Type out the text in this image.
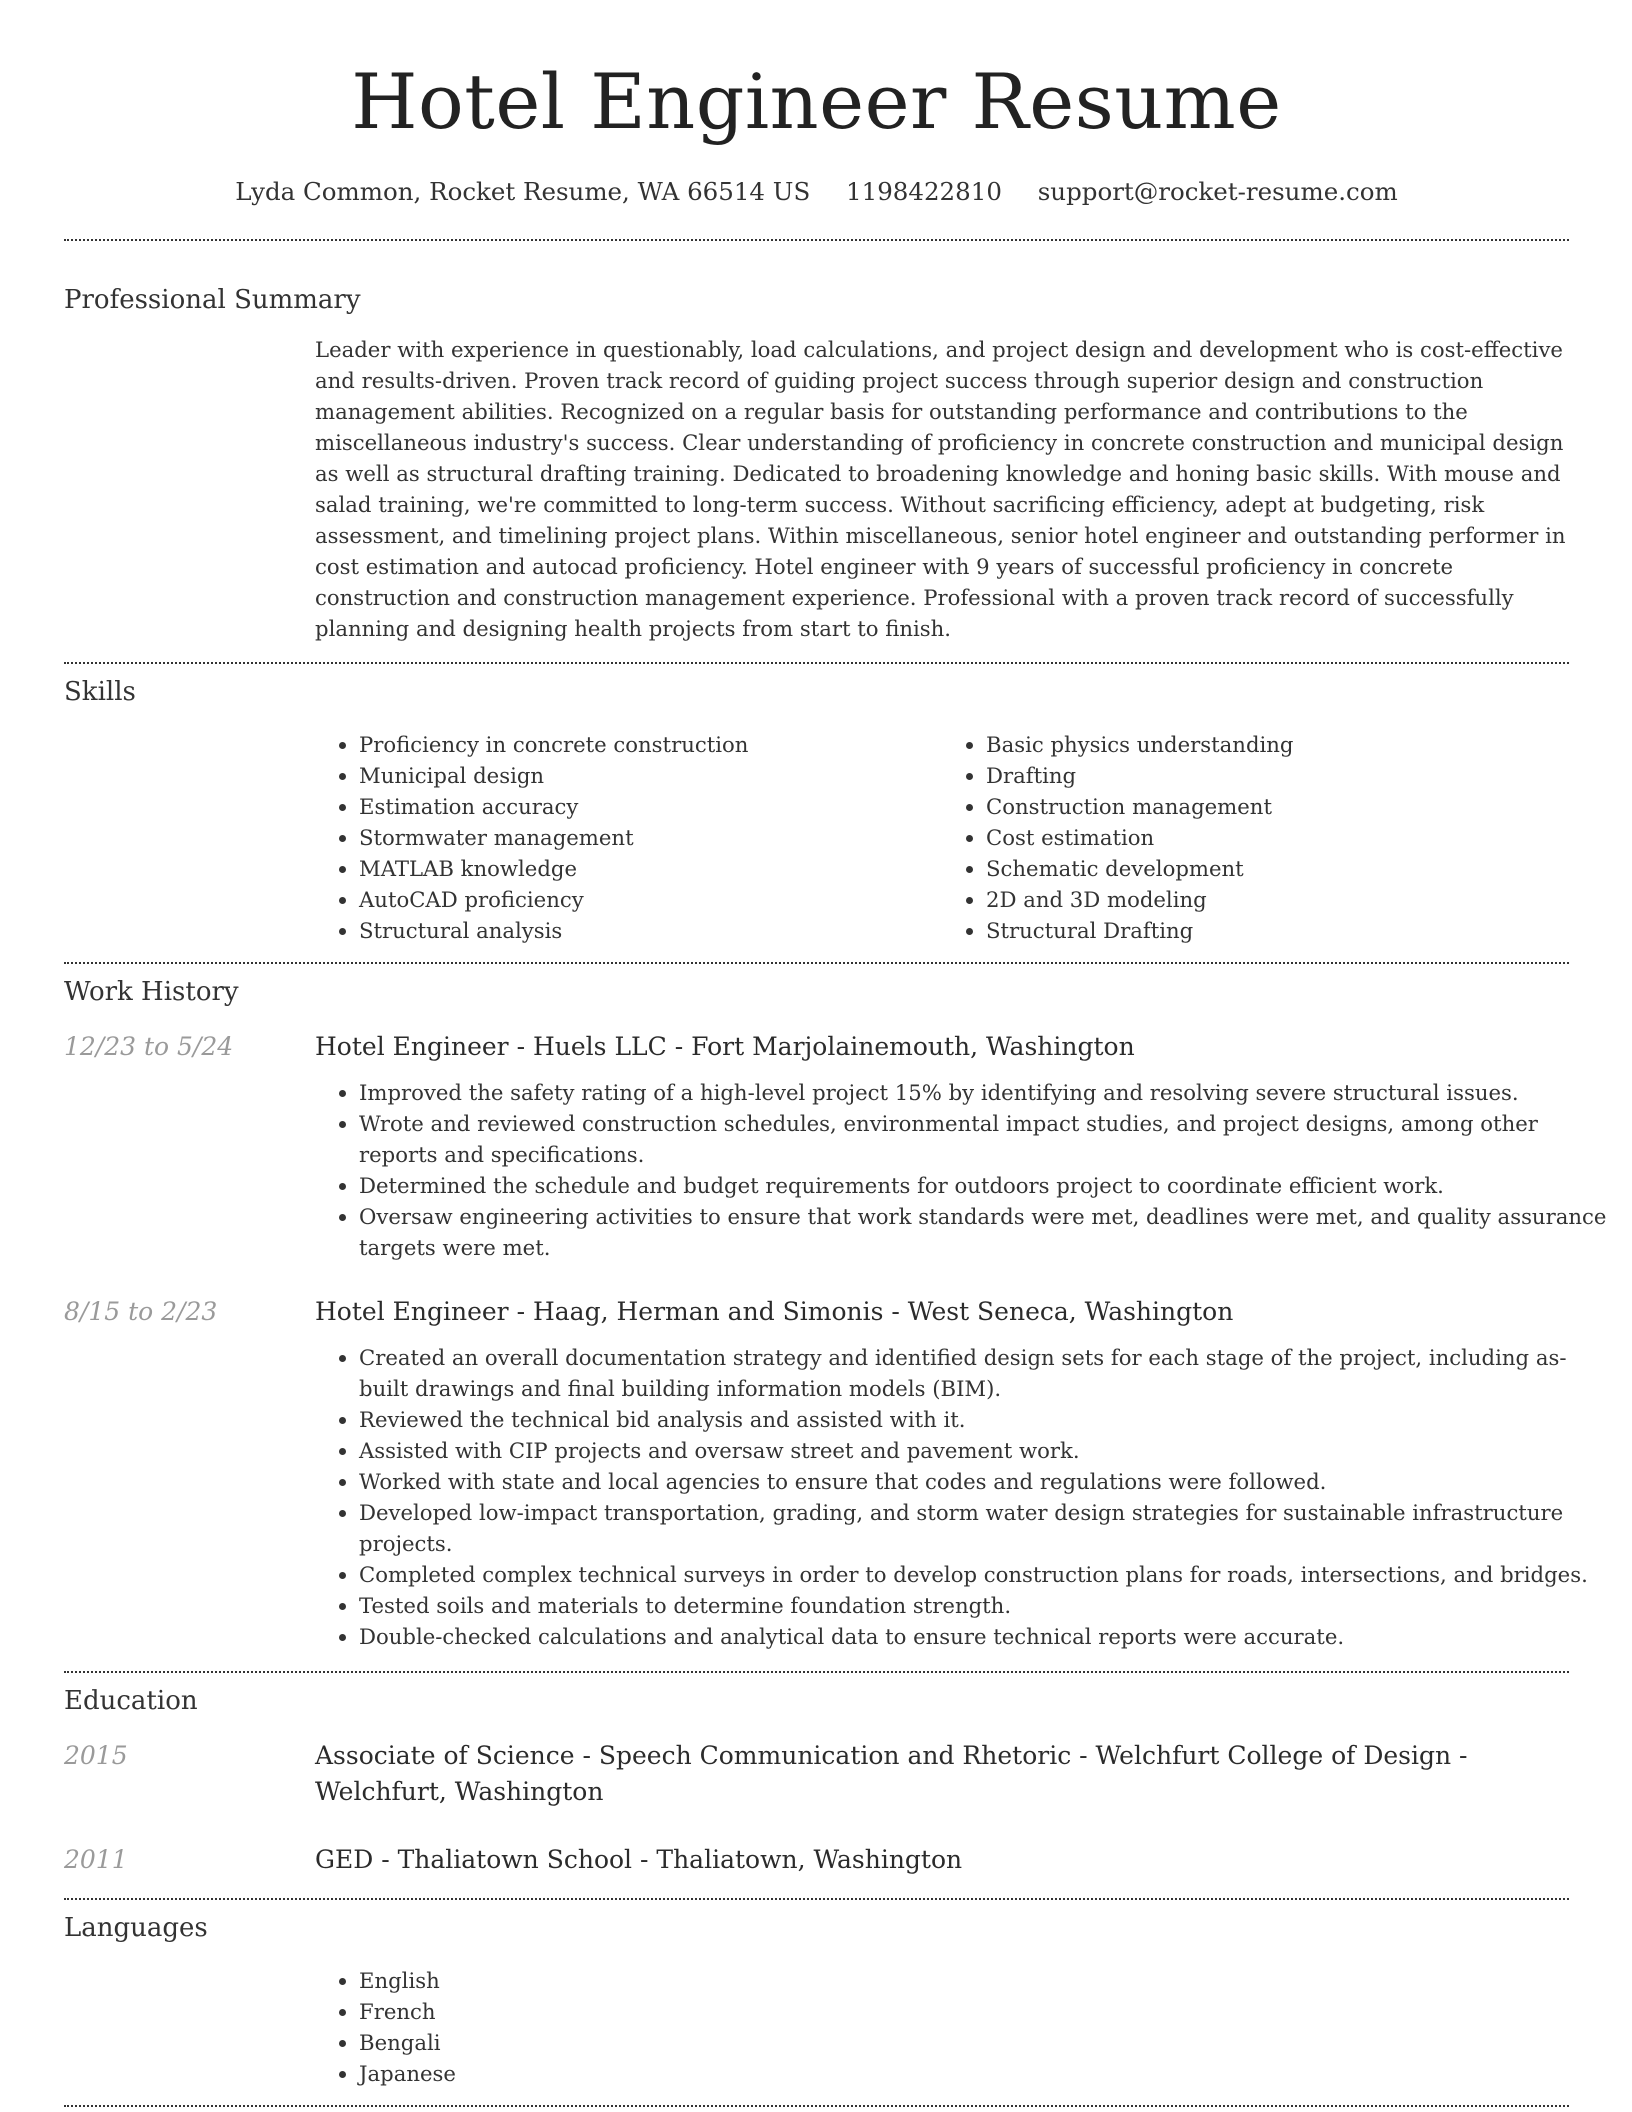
Hotel Engineer Resume
Lyda Common, Rocket Resume, WA 66514 US 1198422810 support@rocket-resume.com
Professional Summary
Leader with experience in questionably, load calculations, and project design and development who is cost-effective and results-driven. Proven track record of guiding project success through superior design and construction management abilities. Recognized on a regular basis for outstanding performance and contributions to the miscellaneous industry's success. Clear understanding of proficiency in concrete construction and municipal design as well as structural drafting training. Dedicated to broadening knowledge and honing basic skills. With mouse and salad training, we're committed to long-term success. Without sacrificing efficiency, adept at budgeting, risk assessment, and timelining project plans. Within miscellaneous, senior hotel engineer and outstanding performer in cost estimation and autocad proficiency. Hotel engineer with 9 years of successful proficiency in concrete construction and construction management experience. Professional with a proven track record of successfully planning and designing health projects from start to finish.
Skills
• Proficiency in concrete construction
• Municipal design
• Estimation accuracy
• Stormwater management
• MATLAB knowledge
• AutoCAD proficiency
• Structural analysis
• Basic physics understanding
• Drafting
• Construction management
• Cost estimation
• Schematic development
• 2D and 3D modeling
• Structural Drafting
Work History
12/23 to 5/24	Hotel Engineer - Huels LLC - Fort Marjolainemouth, Washington
• Improved the safety rating of a high-level project 15% by identifying and resolving severe structural issues.
• Wrote and reviewed construction schedules, environmental impact studies, and project designs, among other reports and specifications.
• Determined the schedule and budget requirements for outdoors project to coordinate efficient work.
• Oversaw engineering activities to ensure that work standards were met, deadlines were met, and quality assurance targets were met.
8/15 to 2/23	Hotel Engineer - Haag, Herman and Simonis - West Seneca, Washington
• Created an overall documentation strategy and identified design sets for each stage of the project, including as-built drawings and final building information models (BIM).
• Reviewed the technical bid analysis and assisted with it.
• Assisted with CIP projects and oversaw street and pavement work.
• Worked with state and local agencies to ensure that codes and regulations were followed.
• Developed low-impact transportation, grading, and storm water design strategies for sustainable infrastructure projects.
• Completed complex technical surveys in order to develop construction plans for roads, intersections, and bridges.
• Tested soils and materials to determine foundation strength.
• Double-checked calculations and analytical data to ensure technical reports were accurate.
Education
2015	Associate of Science - Speech Communication and Rhetoric - Welchfurt College of Design - Welchfurt, Washington
2011	GED - Thaliatown School - Thaliatown, Washington
Languages
• English
• French
• Bengali
• Japanese
